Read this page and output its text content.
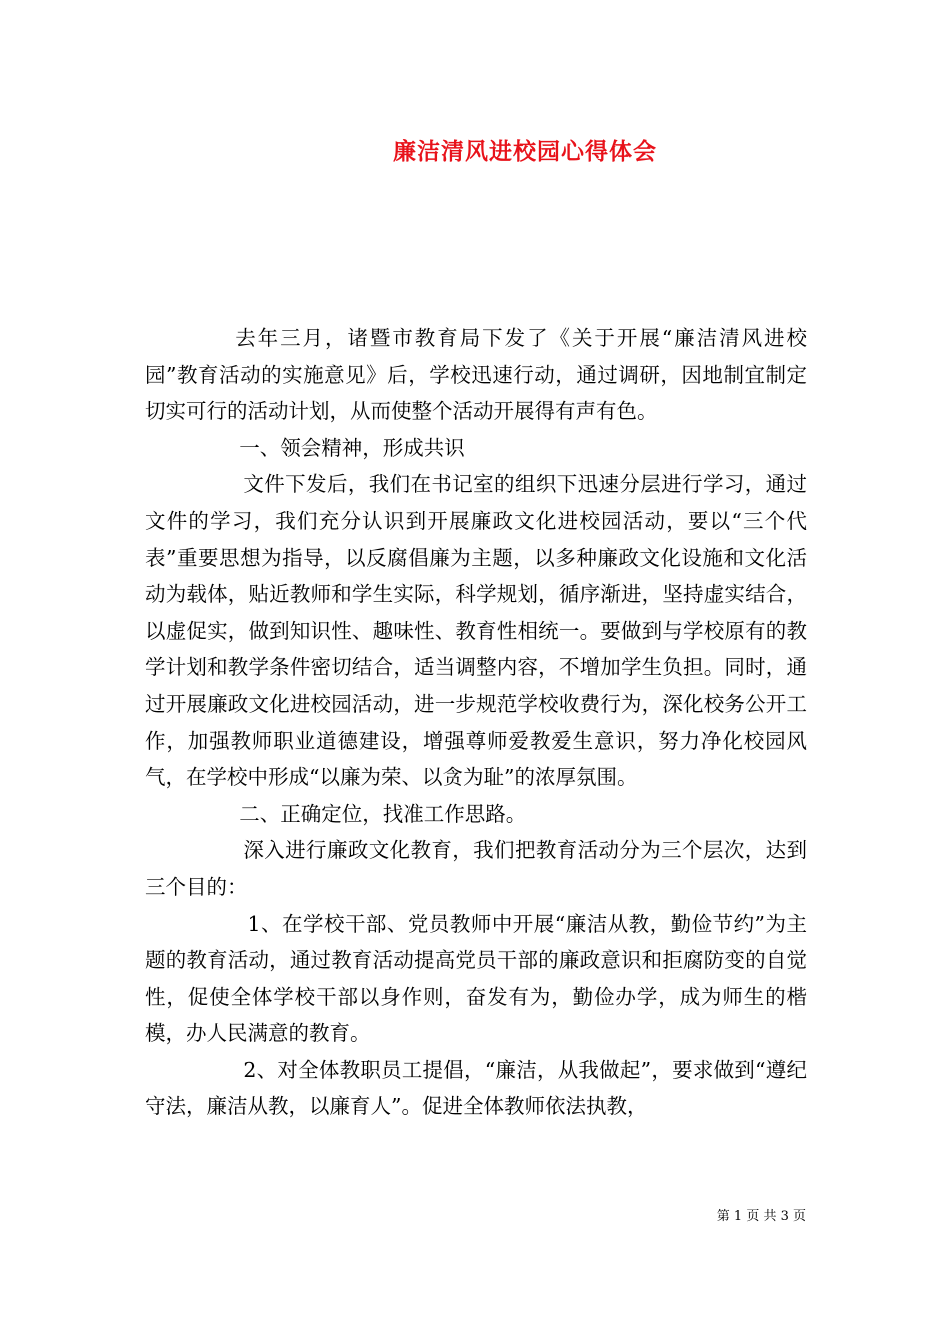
廉洁清风进校园心得体会

去年三月，诸暨市教育局下发了《关于开展“廉洁清风进校园”教育活动的实施意见》后，学校迅速行动，通过调研，因地制宜制定切实可行的活动计划，从而使整个活动开展得有声有色。

一、领会精神，形成共识

文件下发后，我们在书记室的组织下迅速分层进行学习，通过文件的学习，我们充分认识到开展廉政文化进校园活动，要以“三个代表”重要思想为指导，以反腐倡廉为主题，以多种廉政文化设施和文化活动为载体，贴近教师和学生实际，科学规划，循序渐进，坚持虚实结合，以虚促实，做到知识性、趣味性、教育性相统一。要做到与学校原有的教学计划和教学条件密切结合，适当调整内容，不增加学生负担。同时，通过开展廉政文化进校园活动，进一步规范学校收费行为，深化校务公开工作，加强教师职业道德建设，增强尊师爱教爱生意识，努力净化校园风气，在学校中形成“以廉为荣、以贪为耻”的浓厚氛围。

二、正确定位，找准工作思路。

深入进行廉政文化教育，我们把教育活动分为三个层次，达到三个目的：

1、在学校干部、党员教师中开展“廉洁从教，勤俭节约”为主题的教育活动，通过教育活动提高党员干部的廉政意识和拒腐防变的自觉性，促使全体学校干部以身作则，奋发有为，勤俭办学，成为师生的楷模，办人民满意的教育。

2、对全体教职员工提倡，“廉洁，从我做起”，要求做到“遵纪守法，廉洁从教，以廉育人”。促进全体教师依法执教，

第 1 页 共 3 页
